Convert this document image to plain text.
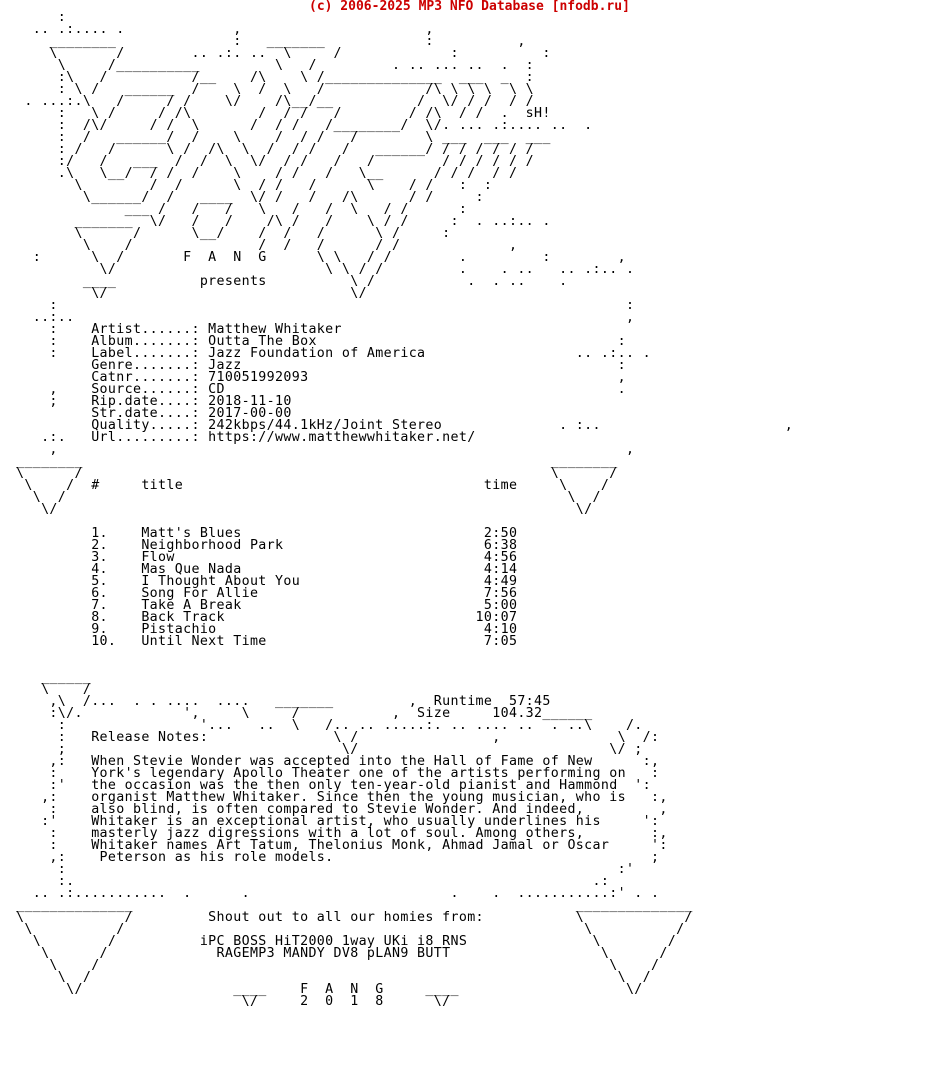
(c) 2006-2025 MP3 NFO Database [nfodb.ru]
:
.. .:.... .             ,                      ,
________              :   _______            :          ,
\       /        .. .:. ..  \     /             :          :
\     /__________         \   /         . .. ... ..  .  :
:\   /          /__    /\    \ /______________  ___  _  :
: \ /   ______  /    \  /  \   /            /\ \ \ \  \ \
. ...:.\   /     / /    \/    /\__/__          /  \/ / /  / /
:   \ /     / /\        /  / /   /        / /\  / /  .  sH!
:  /\/     / /  \      /  / /   /________/  \/. ... .:.... ..  .
:  /   ______/  /    \    /  / /   /        \ ___  ___  ___
: /   /      \ /  /\  \  /  / /   /   ______/ / / / / / /
:/   /   ___  /  /  \  \/  / /   /   /        / / / / / /
.\   \__/  / /  /    \    / /   /   \__      / / /  / /
\        /  /      \  / /   /      \    / /   :  :
\______/  /   ____  \/ /   /   /\      / /     :
___ /   /   /   \   /   /  \   / /      :
_______  \/   /   /    /\ /   /    \ / /     :  . ..:.. .
\      /      \__/    /  /   /      \ /     :
\    /               /  /   /      / /             ,
:      \  /       F  A  N  G      \ \   / /        .         :        ,
\/                         \ \ / /         .    . ..   .. .:.. .
____          presents          \ /           .  . ..    .
\/                             \/
:                                                                    :
..:..                                                                  ,
:    Artist......: Matthew Whitaker
:    Album.......: Outta The Box                                    :
:    Label.......: Jazz Foundation of America                  .. .:.. .
Genre.......: Jazz                                             :
Catnr.......: 710051992093                                     ,
,    Source......: CD                                               .
;    Rip.date....: 2018-11-10
Str.date....: 2017-00-00
Quality.....: 242kbps/44.1kHz/Joint Stereo              . :..                      ,
.:.   Url.........: https://www.matthewwhitaker.net/
,                                                                    ,
________                                                        ________
\      /                                                        \      /
\    /  #     title                                    time     \    /
\  /                                                            \  /
\/                                                              \/

1.    Matt's Blues                             2:50
2.    Neighborhood Park                        6:38
3.    Flow                                     4:56
4.    Mas Que Nada                             4:14
5.    I Thought About You                      4:49
6.    Song For Allie                           7:56
7.    Take A Break                             5:00
8.    Back Track                              10:07
9.    Pistachio                                4:10
10.   Until Next Time                          7:05

______
\    /
,\  /...  . . ....  ....   _______         ,  Runtime  57:45
:\/.            ',     \     /           ,  Size     104.32______
:                '...   ..  \   /.. .. .....:. .. .... ..  . ..\    /.
:   Release Notes:               \ /                ,              \  /:
;                                 \/                              \/ ;
,:   When Stevie Wonder was accepted into the Hall of Fame of New      :,
:    York's legendary Apollo Theater one of the artists performing on   :
:'   the occasion was the then only ten-year-old pianist and Hammond  ':
,:    organist Matthew Whitaker. Since then the young musician, who is   :,
:    also blind, is often compared to Stevie Wonder. And indeed,         ,
:'    Whitaker is an exceptional artist, who usually underlines his     ':
:    masterly jazz digressions with a lot of soul. Among others,        :,
:    Whitaker names Art Tatum, Thelonius Monk, Ahmad Jamal or Oscar     ':
,:    Peterson as his role models.                                      ;
:                                                                  :'
:.                                                              .:
.. .:...........  .      .                        .    .  ...........:' . .
______________                                                     ______________
\            /         Shout out to all our homies from:           \            /
\          /                                                       \          /
\        /          iPC BOSS HiT2000 1way UKi i8 RNS               \        /
\      /             RAGEMP3 MANDY DV8 pLAN9 BUTT                  \      /
\    /                                                             \    /
\  /                                                               \  /
\/                  ____    F  A  N  G     ____                    \/
\/     2  0  1  8      \/
